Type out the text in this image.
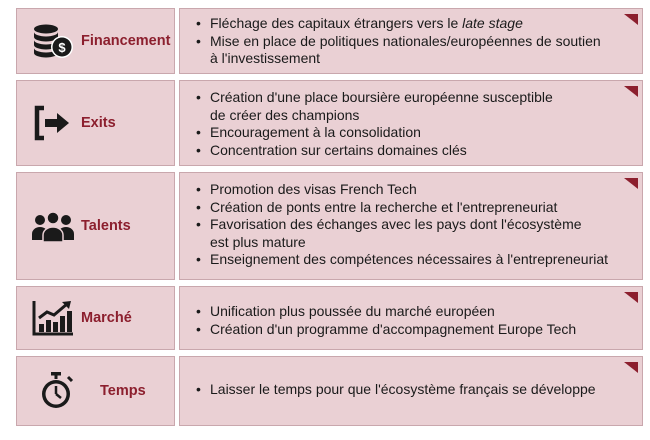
$ Financement
• Fléchage des capitaux étrangers vers le late stage
• Mise en place de politiques nationales/européennes de soutien
à l'investissement
Exits
• Création d'une place boursière européenne susceptible
de créer des champions
• Encouragement à la consolidation
• Concentration sur certains domaines clés
Talents
• Promotion des visas French Tech
• Création de ponts entre la recherche et l'entrepreneuriat
• Favorisation des échanges avec les pays dont l'écosystème
est plus mature
• Enseignement des compétences nécessaires à l'entrepreneuriat
Marché	• Unification plus poussée du marché européen
• Création d'un programme d'accompagnement Europe Tech
Temps	• Laisser le temps pour que l'écosystème français se développe
